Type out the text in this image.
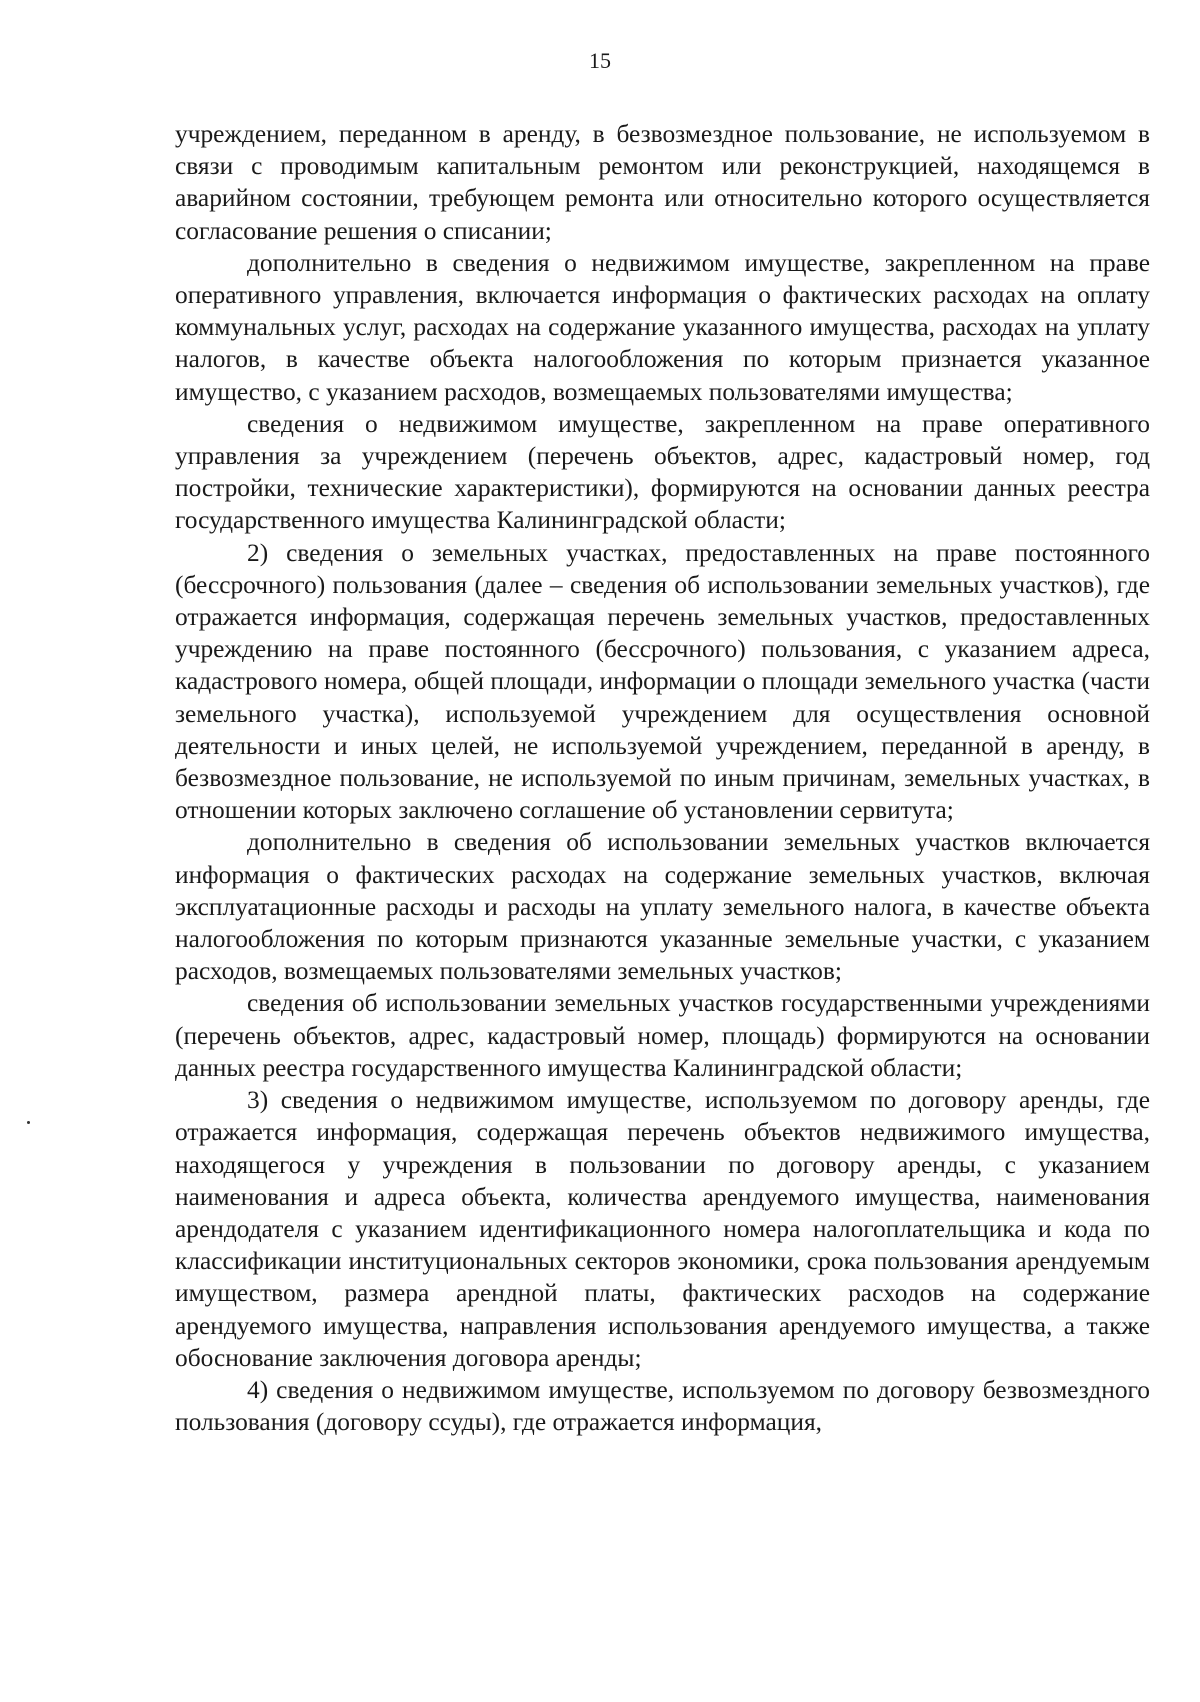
15

учреждением, переданном в аренду, в безвозмездное пользование, не используемом в связи с проводимым капитальным ремонтом или реконструкцией, находящемся в аварийном состоянии, требующем ремонта или относительно которого осуществляется согласование решения о списании;

дополнительно в сведения о недвижимом имуществе, закрепленном на праве оперативного управления, включается информация о фактических расходах на оплату коммунальных услуг, расходах на содержание указанного имущества, расходах на уплату налогов, в качестве объекта налогообложения по которым признается указанное имущество, с указанием расходов, возмещаемых пользователями имущества;

сведения о недвижимом имуществе, закрепленном на праве оперативного управления за учреждением (перечень объектов, адрес, кадастровый номер, год постройки, технические характеристики), формируются на основании данных реестра государственного имущества Калининградской области;

2) сведения о земельных участках, предоставленных на праве постоянного (бессрочного) пользования (далее – сведения об использовании земельных участков), где отражается информация, содержащая перечень земельных участков, предоставленных учреждению на праве постоянного (бессрочного) пользования, с указанием адреса, кадастрового номера, общей площади, информации о площади земельного участка (части земельного участка), используемой учреждением для осуществления основной деятельности и иных целей, не используемой учреждением, переданной в аренду, в безвозмездное пользование, не используемой по иным причинам, земельных участках, в отношении которых заключено соглашение об установлении сервитута;

дополнительно в сведения об использовании земельных участков включается информация о фактических расходах на содержание земельных участков, включая эксплуатационные расходы и расходы на уплату земельного налога, в качестве объекта налогообложения по которым признаются указанные земельные участки, с указанием расходов, возмещаемых пользователями земельных участков;

сведения об использовании земельных участков государственными учреждениями (перечень объектов, адрес, кадастровый номер, площадь) формируются на основании данных реестра государственного имущества Калининградской области;

3) сведения о недвижимом имуществе, используемом по договору аренды, где отражается информация, содержащая перечень объектов недвижимого имущества, находящегося у учреждения в пользовании по договору аренды, с указанием наименования и адреса объекта, количества арендуемого имущества, наименования арендодателя с указанием идентификационного номера налогоплательщика и кода по классификации институциональных секторов экономики, срока пользования арендуемым имуществом, размера арендной платы, фактических расходов на содержание арендуемого имущества, направления использования арендуемого имущества, а также обоснование заключения договора аренды;

4) сведения о недвижимом имуществе, используемом по договору безвозмездного пользования (договору ссуды), где отражается информация,
